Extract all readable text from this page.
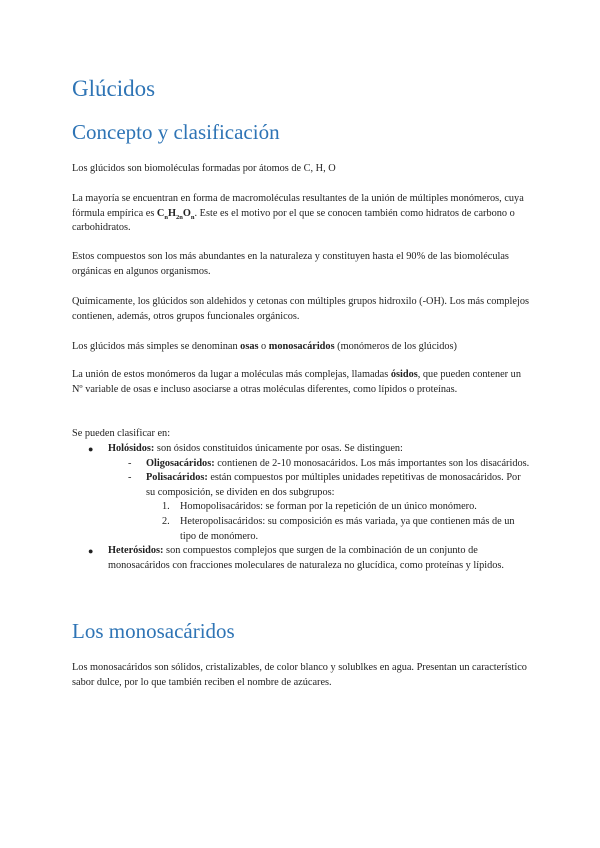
Glúcidos
Concepto y clasificación

Los glúcidos son biomoléculas formadas por átomos de C, H, O

La mayoría se encuentran en forma de macromoléculas resultantes de la unión de múltiples monómeros, cuya fórmula empírica es $C_nH_{2n}O_n$. Este es el motivo por el que se conocen también como hidratos de carbono o carbohidratos.

Estos compuestos son los más abundantes en la naturaleza y constituyen hasta el 90% de las biomoléculas orgánicas en algunos organismos.

Químicamente, los glúcidos son aldehidos y cetonas con múltiples grupos hidroxilo (-OH). Los más complejos contienen, además, otros grupos funcionales orgánicos.

Los glúcidos más simples se denominan osas o monosacáridos (monómeros de los glúcidos)

La unión de estos monómeros da lugar a moléculas más complejas, llamadas ósidos, que pueden contener un Nº variable de osas e incluso asociarse a otras moléculas diferentes, como lípidos o proteínas.

Se pueden clasificar en:

● Holósidos: son ósidos constituidos únicamente por osas. Se distinguen:
- Oligosacáridos: contienen de 2-10 monosacáridos. Los más importantes son los disacáridos.
- Polisacáridos: están compuestos por múltiples unidades repetitivas de monosacáridos. Por su composición, se dividen en dos subgrupos:
1. Homopolisacáridos: se forman por la repetición de un único monómero.
2. Heteropolisacáridos: su composición es más variada, ya que contienen más de un tipo de monómero.
● Heterósidos: son compuestos complejos que surgen de la combinación de un conjunto de monosacáridos con fracciones moleculares de naturaleza no glucídica, como proteínas y lípidos.
Los monosacáridos

Los monosacáridos son sólidos, cristalizables, de color blanco y solublkes en agua. Presentan un característico sabor dulce, por lo que también reciben el nombre de azúcares.
